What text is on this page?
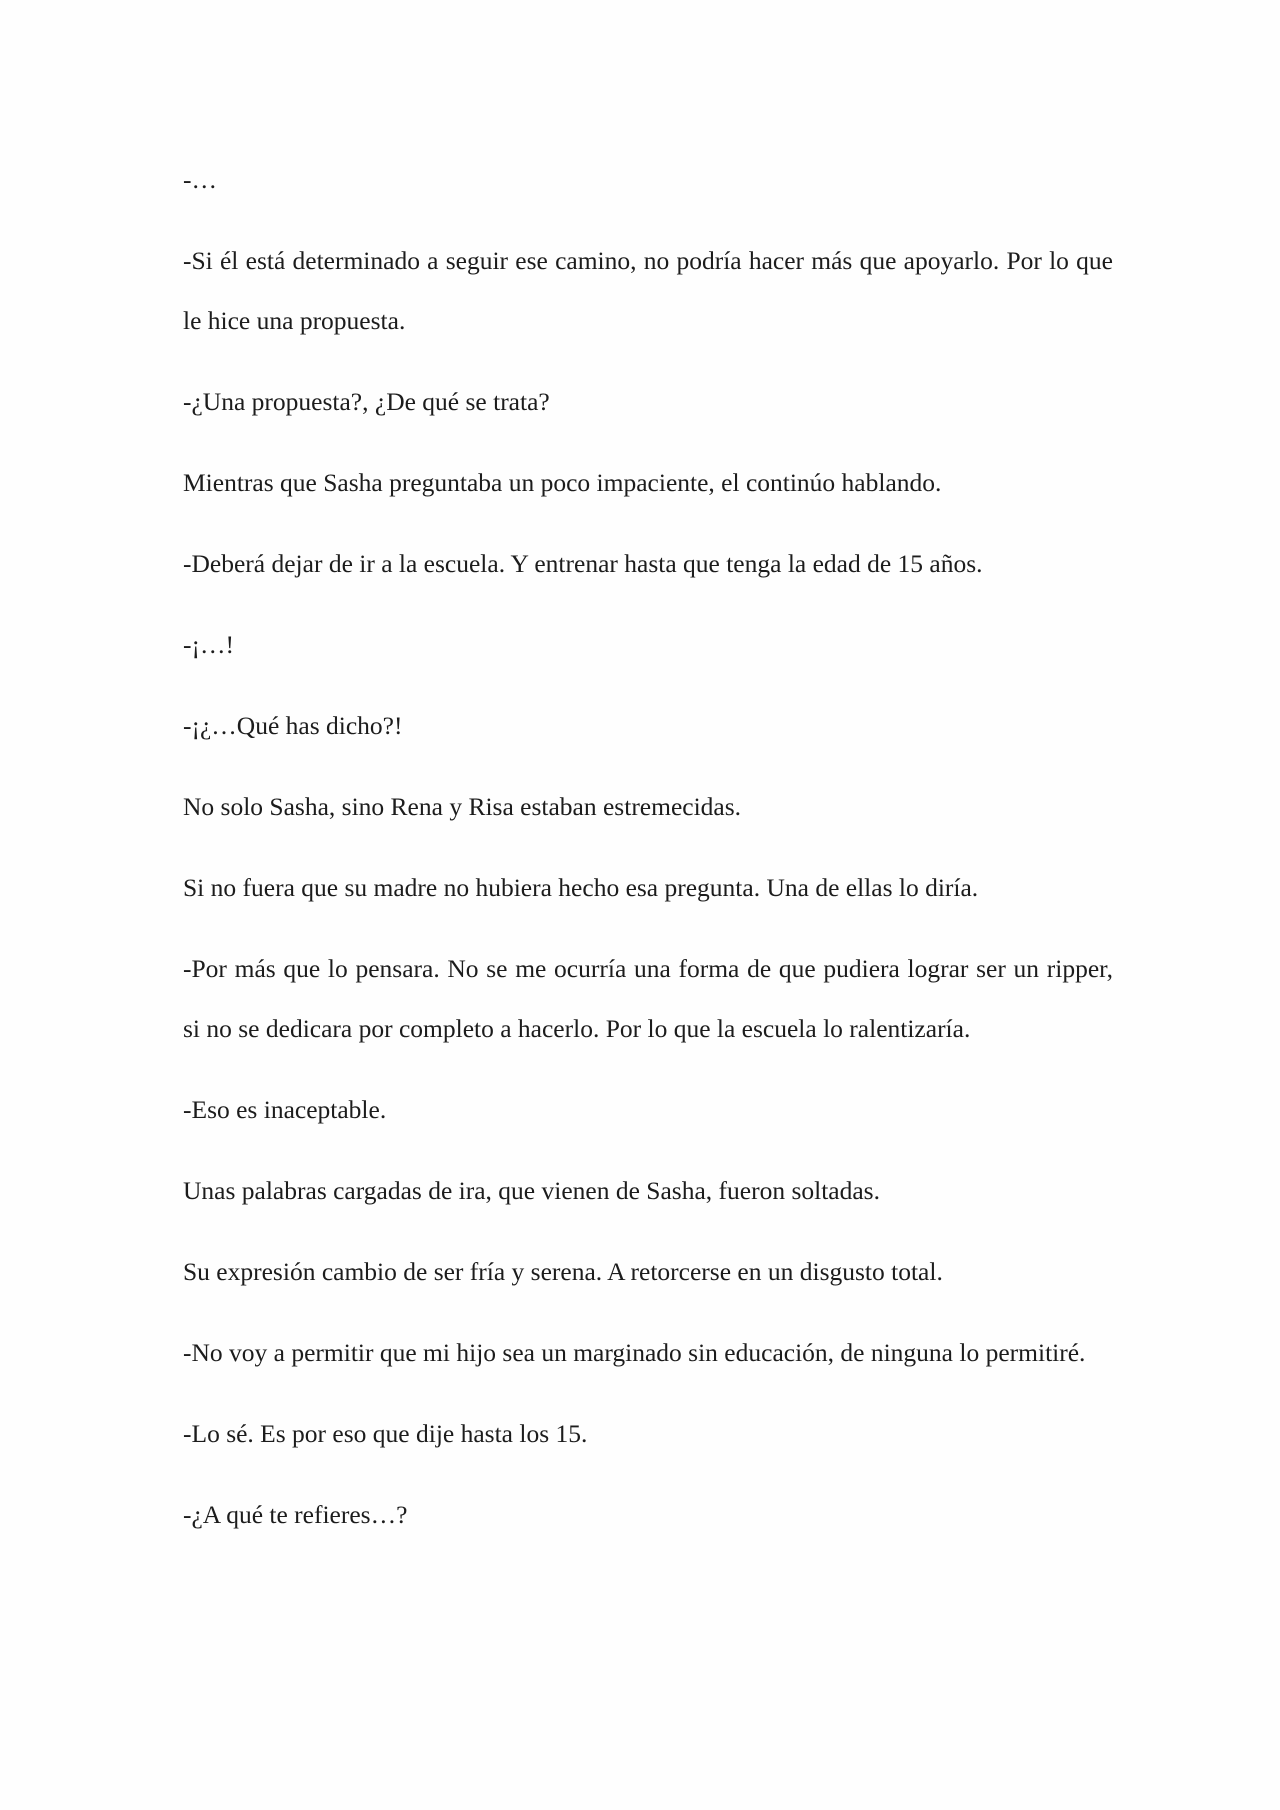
-…

-Si él está determinado a seguir ese camino, no podría hacer más que apoyarlo. Por lo que le hice una propuesta.

-¿Una propuesta?, ¿De qué se trata?

Mientras que Sasha preguntaba un poco impaciente, el continúo hablando.

-Deberá dejar de ir a la escuela. Y entrenar hasta que tenga la edad de 15 años.

-¡…!

-¡¿…Qué has dicho?!

No solo Sasha, sino Rena y Risa estaban estremecidas.

Si no fuera que su madre no hubiera hecho esa pregunta. Una de ellas lo diría.

-Por más que lo pensara. No se me ocurría una forma de que pudiera lograr ser un ripper, si no se dedicara por completo a hacerlo. Por lo que la escuela lo ralentizaría.

-Eso es inaceptable.

Unas palabras cargadas de ira, que vienen de Sasha, fueron soltadas.

Su expresión cambio de ser fría y serena. A retorcerse en un disgusto total.

-No voy a permitir que mi hijo sea un marginado sin educación, de ninguna lo permitiré.

-Lo sé. Es por eso que dije hasta los 15.

-¿A qué te refieres…?
